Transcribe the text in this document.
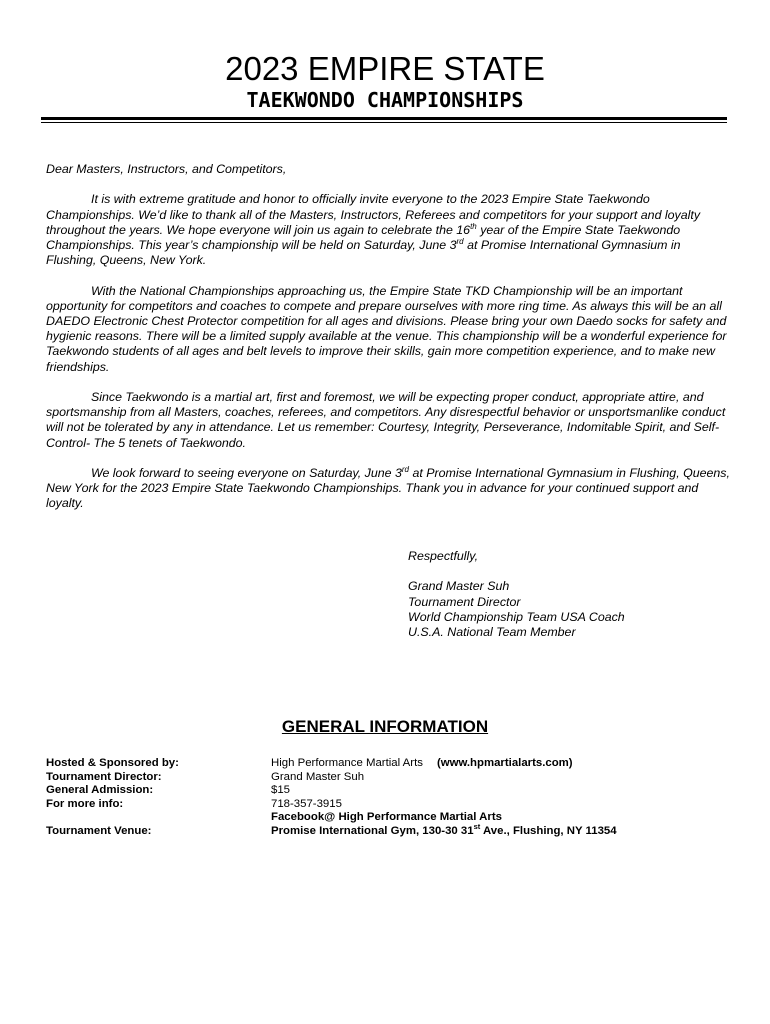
2023 EMPIRE STATE
TAEKWONDO CHAMPIONSHIPS

Dear Masters, Instructors, and Competitors,

It is with extreme gratitude and honor to officially invite everyone to the 2023 Empire State Taekwondo Championships. We’d like to thank all of the Masters, Instructors, Referees and competitors for your support and loyalty throughout the years. We hope everyone will join us again to celebrate the 16th year of the Empire State Taekwondo Championships. This year’s championship will be held on Saturday, June 3rd at Promise International Gymnasium in Flushing, Queens, New York.

With the National Championships approaching us, the Empire State TKD Championship will be an important opportunity for competitors and coaches to compete and prepare ourselves with more ring time. As always this will be an all DAEDO Electronic Chest Protector competition for all ages and divisions. Please bring your own Daedo socks for safety and hygienic reasons. There will be a limited supply available at the venue. This championship will be a wonderful experience for Taekwondo students of all ages and belt levels to improve their skills, gain more competition experience, and to make new friendships.

Since Taekwondo is a martial art, first and foremost, we will be expecting proper conduct, appropriate attire, and sportsmanship from all Masters, coaches, referees, and competitors. Any disrespectful behavior or unsportsmanlike conduct will not be tolerated by any in attendance. Let us remember: Courtesy, Integrity, Perseverance, Indomitable Spirit, and Self-Control- The 5 tenets of Taekwondo.

We look forward to seeing everyone on Saturday, June 3rd at Promise International Gymnasium in Flushing, Queens, New York for the 2023 Empire State Taekwondo Championships. Thank you in advance for your continued support and loyalty.

Respectfully,

Grand Master Suh

Tournament Director

World Championship Team USA Coach

U.S.A. National Team Member

GENERAL INFORMATION
Hosted & Sponsored by:	High Performance Martial Arts (www.hpmartialarts.com)
Tournament Director:	Grand Master Suh
General Admission:	$15
For more info:	718-357-3915
Facebook@ High Performance Martial Arts
Tournament Venue:	Promise International Gym, 130-30 31st Ave., Flushing, NY 11354
